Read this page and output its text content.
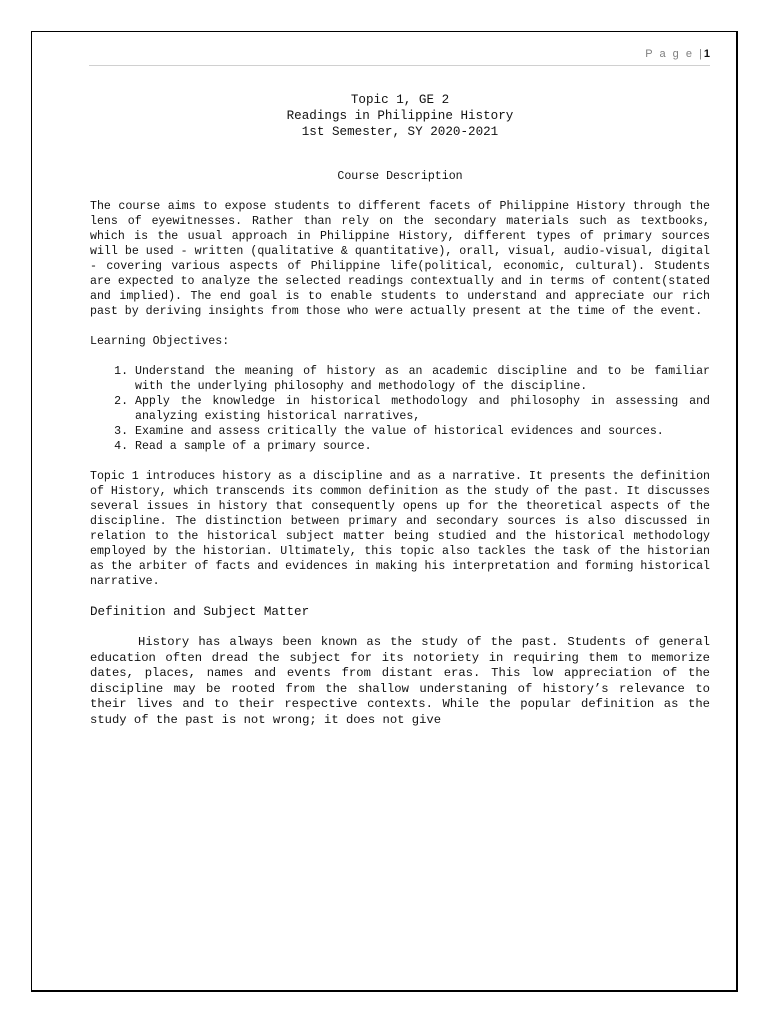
P a g e |1
Topic 1, GE 2
Readings in Philippine History
1st Semester, SY 2020-2021
Course Description

The course aims to expose students to different facets of Philippine History through the lens of eyewitnesses. Rather than rely on the secondary materials such as textbooks, which is the usual approach in Philippine History, different types of primary sources will be used - written (qualitative & quantitative), orall, visual, audio-visual, digital - covering various aspects of Philippine life(political, economic, cultural). Students are expected to analyze the selected readings contextually and in terms of content(stated and implied). The end goal is to enable students to understand and appreciate our rich past by deriving insights from those who were actually present at the time of the event.

Learning Objectives:
1. Understand the meaning of history as an academic discipline and to be familiar with the underlying philosophy and methodology of the discipline.
2. Apply the knowledge in historical methodology and philosophy in assessing and analyzing existing historical narratives,
3. Examine and assess critically the value of historical evidences and sources.
4. Read a sample of a primary source.

Topic 1 introduces history as a discipline and as a narrative. It presents the definition of History, which transcends its common definition as the study of the past. It discusses several issues in history that consequently opens up for the theoretical aspects of the discipline. The distinction between primary and secondary sources is also discussed in relation to the historical subject matter being studied and the historical methodology employed by the historian. Ultimately, this topic also tackles the task of the historian as the arbiter of facts and evidences in making his interpretation and forming historical narrative.

Definition and Subject Matter

History has always been known as the study of the past. Students of general education often dread the subject for its notoriety in requiring them to memorize dates, places, names and events from distant eras. This low appreciation of the discipline may be rooted from the shallow understaning of history’s relevance to their lives and to their respective contexts. While the popular definition as the study of the past is not wrong; it does not give
